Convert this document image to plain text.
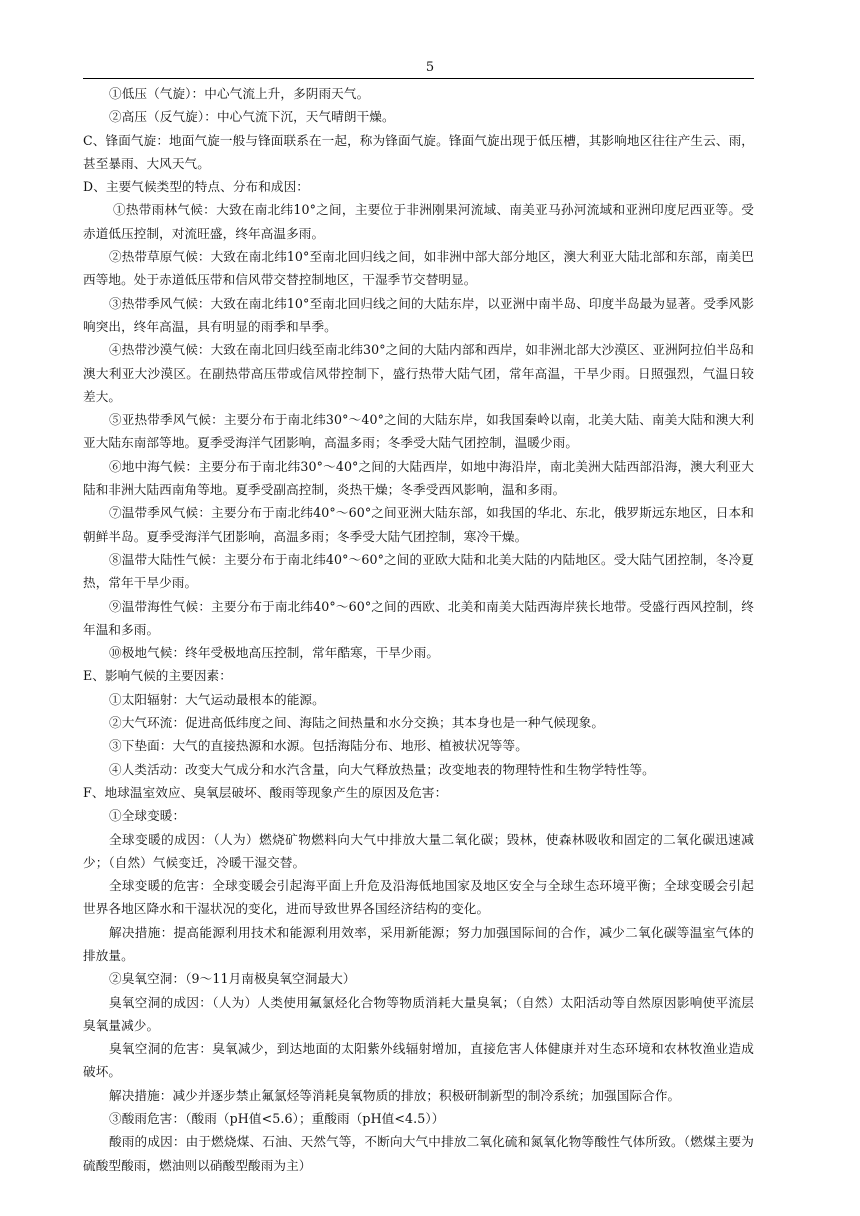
5

①低压（气旋）：中心气流上升，多阴雨天气。

②高压（反气旋）：中心气流下沉，天气晴朗干燥。

C、锋面气旋：地面气旋一般与锋面联系在一起，称为锋面气旋。锋面气旋出现于低压槽，其影响地区往往产生云、雨，甚至暴雨、大风天气。

D、主要气候类型的特点、分布和成因：

①热带雨林气候：大致在南北纬10°之间，主要位于非洲刚果河流域、南美亚马孙河流域和亚洲印度尼西亚等。受赤道低压控制，对流旺盛，终年高温多雨。

②热带草原气候：大致在南北纬10°至南北回归线之间，如非洲中部大部分地区，澳大利亚大陆北部和东部，南美巴西等地。处于赤道低压带和信风带交替控制地区，干湿季节交替明显。

③热带季风气候：大致在南北纬10°至南北回归线之间的大陆东岸，以亚洲中南半岛、印度半岛最为显著。受季风影响突出，终年高温，具有明显的雨季和旱季。

④热带沙漠气候：大致在南北回归线至南北纬30°之间的大陆内部和西岸，如非洲北部大沙漠区、亚洲阿拉伯半岛和澳大利亚大沙漠区。在副热带高压带或信风带控制下，盛行热带大陆气团，常年高温，干旱少雨。日照强烈，气温日较差大。

⑤亚热带季风气候：主要分布于南北纬30°～40°之间的大陆东岸，如我国秦岭以南，北美大陆、南美大陆和澳大利亚大陆东南部等地。夏季受海洋气团影响，高温多雨；冬季受大陆气团控制，温暖少雨。

⑥地中海气候：主要分布于南北纬30°～40°之间的大陆西岸，如地中海沿岸，南北美洲大陆西部沿海，澳大利亚大陆和非洲大陆西南角等地。夏季受副高控制，炎热干燥；冬季受西风影响，温和多雨。

⑦温带季风气候：主要分布于南北纬40°～60°之间亚洲大陆东部，如我国的华北、东北，俄罗斯远东地区，日本和朝鲜半岛。夏季受海洋气团影响，高温多雨；冬季受大陆气团控制，寒冷干燥。

⑧温带大陆性气候：主要分布于南北纬40°～60°之间的亚欧大陆和北美大陆的内陆地区。受大陆气团控制，冬冷夏热，常年干旱少雨。

⑨温带海性气候：主要分布于南北纬40°～60°之间的西欧、北美和南美大陆西海岸狭长地带。受盛行西风控制，终年温和多雨。

⑩极地气候：终年受极地高压控制，常年酷寒，干旱少雨。

E、影响气候的主要因素：

①太阳辐射：大气运动最根本的能源。

②大气环流：促进高低纬度之间、海陆之间热量和水分交换；其本身也是一种气候现象。

③下垫面：大气的直接热源和水源。包括海陆分布、地形、植被状况等等。

④人类活动：改变大气成分和水汽含量，向大气释放热量；改变地表的物理特性和生物学特性等。

F、地球温室效应、臭氧层破坏、酸雨等现象产生的原因及危害：

①全球变暖：

全球变暖的成因：（人为）燃烧矿物燃料向大气中排放大量二氧化碳；毁林，使森林吸收和固定的二氧化碳迅速减少；（自然）气候变迁，冷暖干湿交替。

全球变暖的危害：全球变暖会引起海平面上升危及沿海低地国家及地区安全与全球生态环境平衡；全球变暖会引起世界各地区降水和干湿状况的变化，进而导致世界各国经济结构的变化。

解决措施：提高能源利用技术和能源利用效率，采用新能源；努力加强国际间的合作，减少二氧化碳等温室气体的排放量。

②臭氧空洞：（9～11月南极臭氧空洞最大）

臭氧空洞的成因：（人为）人类使用氟氯烃化合物等物质消耗大量臭氧；（自然）太阳活动等自然原因影响使平流层臭氧量减少。

臭氧空洞的危害：臭氧减少，到达地面的太阳紫外线辐射增加，直接危害人体健康并对生态环境和农林牧渔业造成破坏。

解决措施：减少并逐步禁止氟氯烃等消耗臭氧物质的排放；积极研制新型的制冷系统；加强国际合作。

③酸雨危害：（酸雨（pH值<5.6）；重酸雨（pH值<4.5））

酸雨的成因：由于燃烧煤、石油、天然气等，不断向大气中排放二氧化硫和氮氧化物等酸性气体所致。（燃煤主要为硫酸型酸雨，燃油则以硝酸型酸雨为主）
